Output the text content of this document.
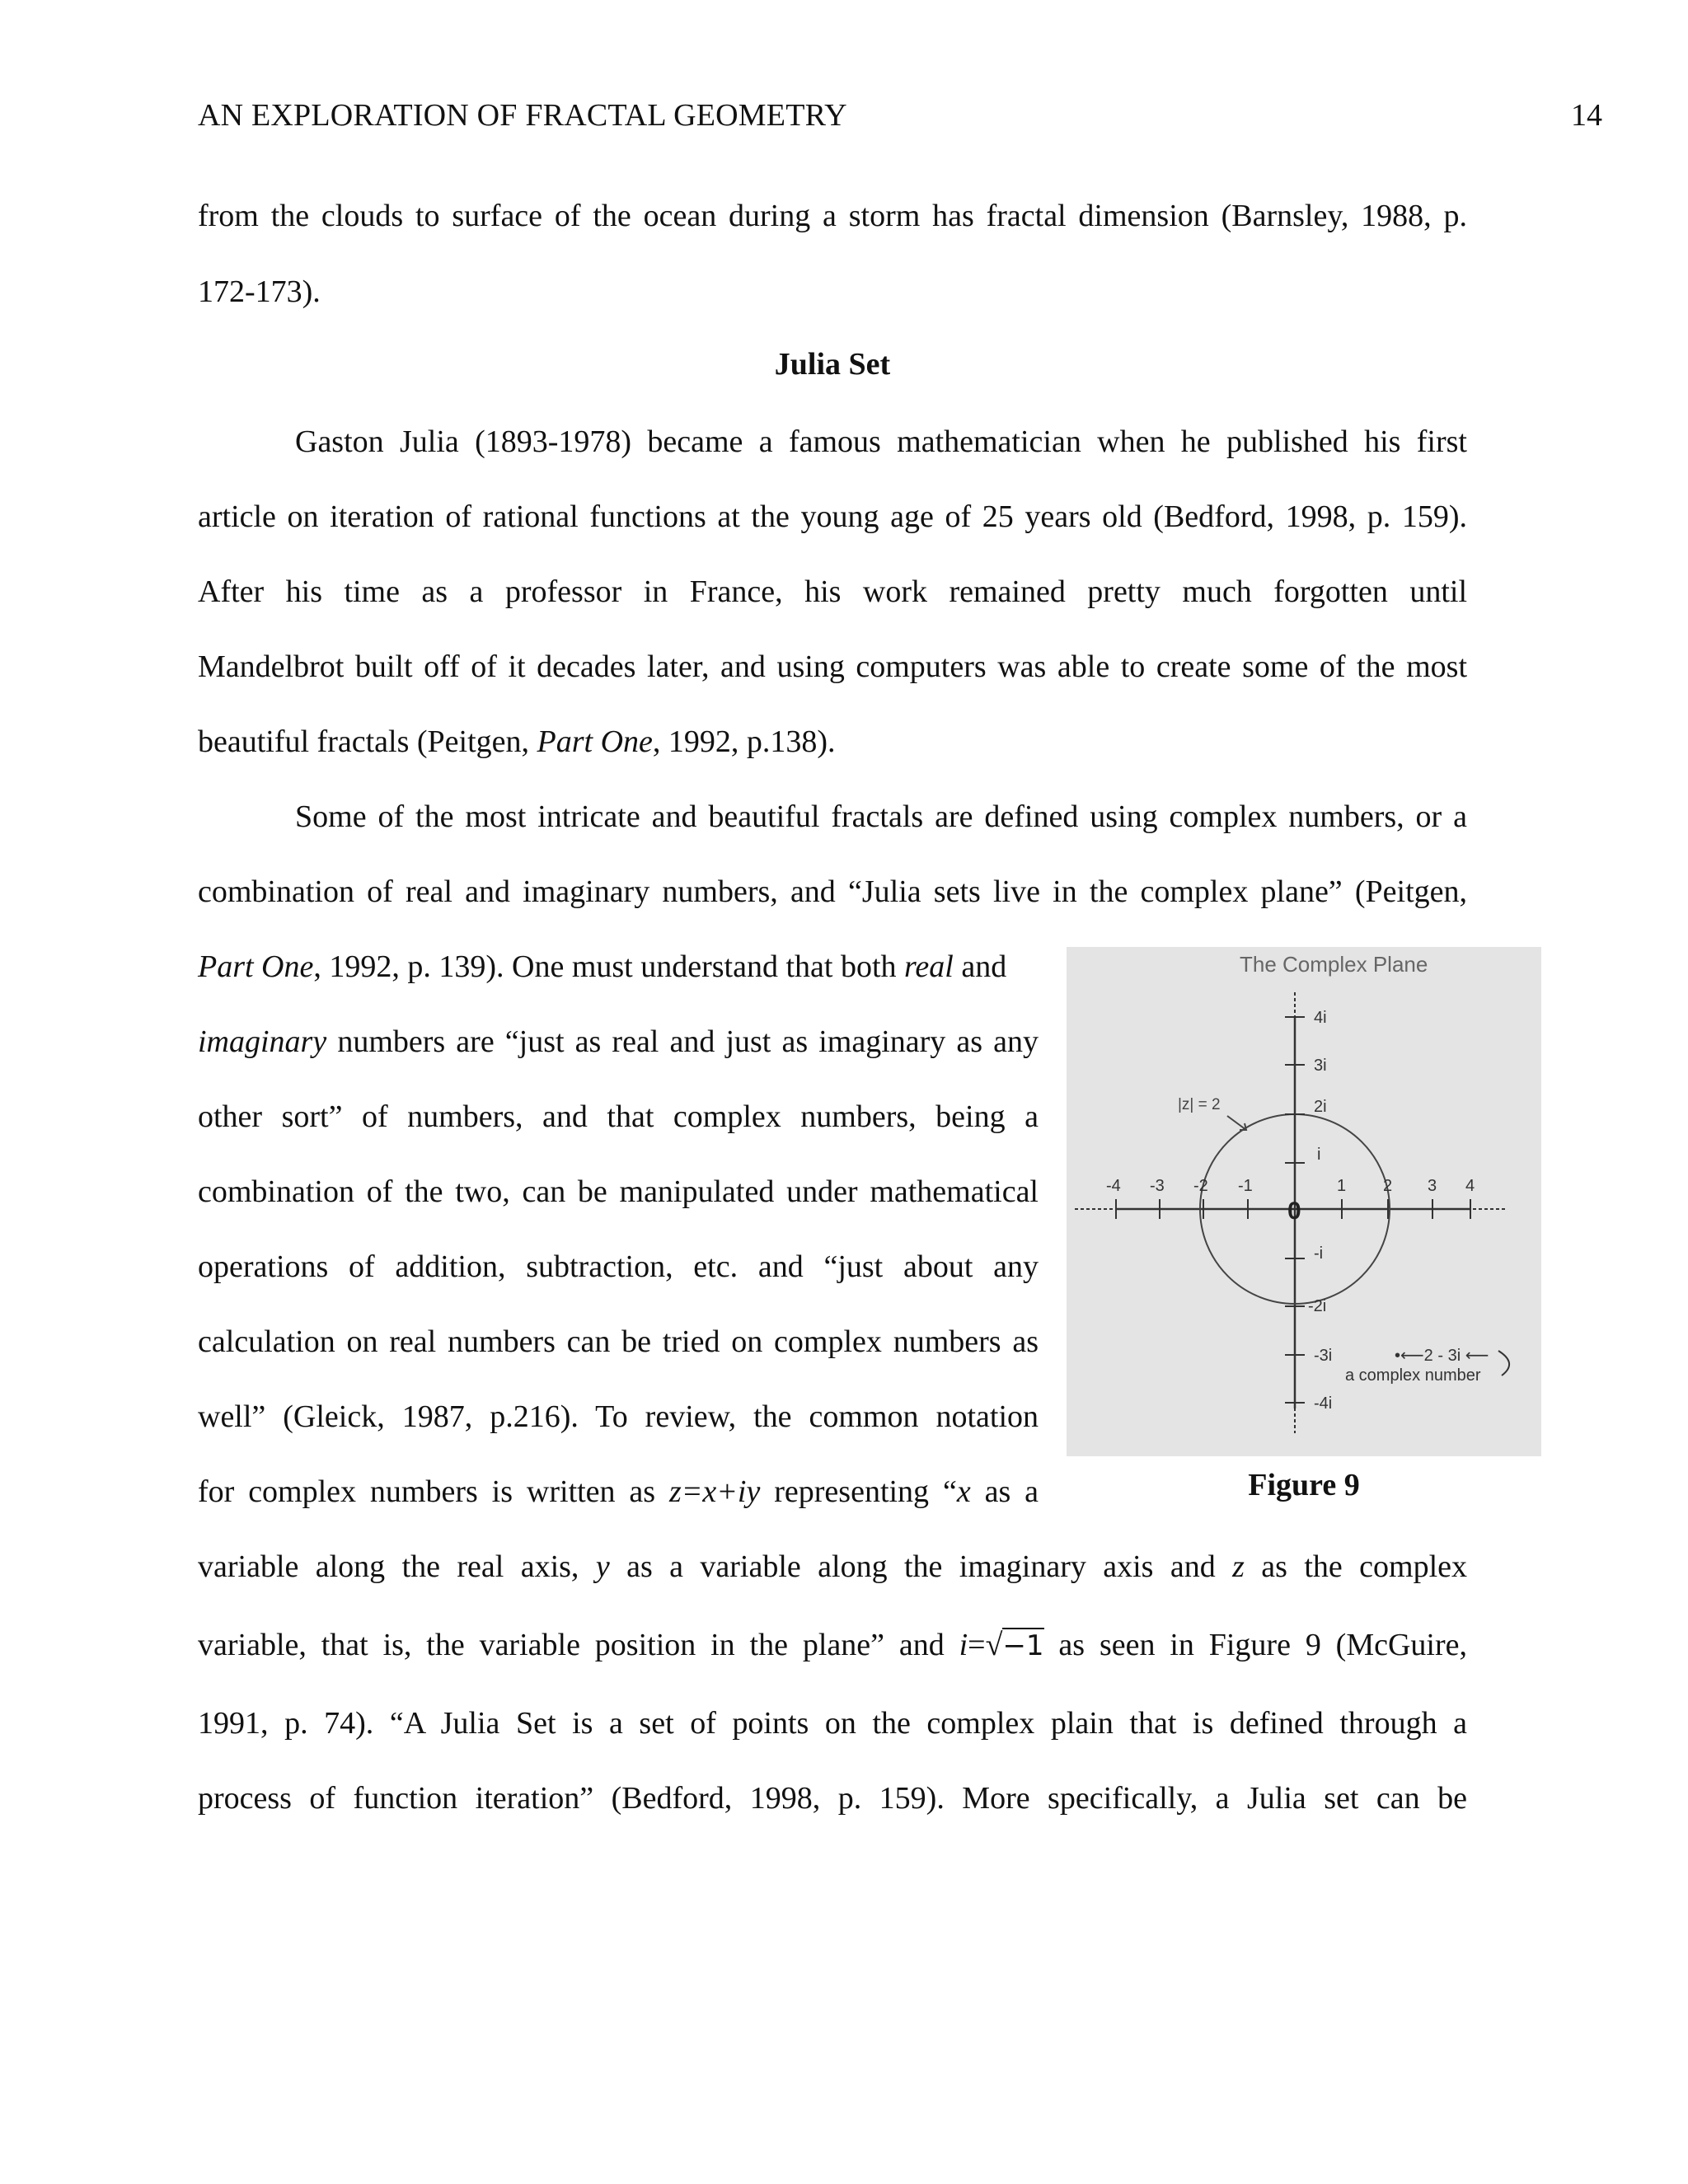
AN EXPLORATION OF FRACTAL GEOMETRY	14
from the clouds to surface of the ocean during a storm has fractal dimension (Barnsley, 1988, p.
172-173).
Julia Set
Gaston Julia (1893-1978) became a famous mathematician when he published his first
article on iteration of rational functions at the young age of 25 years old (Bedford, 1998, p. 159).
After his time as a professor in France, his work remained pretty much forgotten until
Mandelbrot built off of it decades later, and using computers was able to create some of the most
beautiful fractals (Peitgen, Part One, 1992, p.138).
Some of the most intricate and beautiful fractals are defined using complex numbers, or a
combination of real and imaginary numbers, and “Julia sets live in the complex plane” (Peitgen,
Part One, 1992, p. 139). One must understand that both real and
imaginary numbers are “just as real and just as imaginary as any
other sort” of numbers, and that complex numbers, being a
combination of the two, can be manipulated under mathematical
operations of addition, subtraction, etc. and “just about any
calculation on real numbers can be tried on complex numbers as
well” (Gleick, 1987, p.216). To review, the common notation
for complex numbers is written as z=x+iy representing “x as a
variable along the real axis, y as a variable along the imaginary axis and z as the complex
variable, that is, the variable position in the plane” and i=√−1 as seen in Figure 9 (McGuire,
1991, p. 74). “A Julia Set is a set of points on the complex plain that is defined through a
process of function iteration” (Bedford, 1998, p. 159). More specifically, a Julia set can be
The Complex Plane
-4 -3 -2 -1	1 2 3 4
0
4i
3i
2i
i
-i
-2i
-3i
-4i
|z| = 2
•⟵2 - 3i ⟵
a complex number
Figure 9
